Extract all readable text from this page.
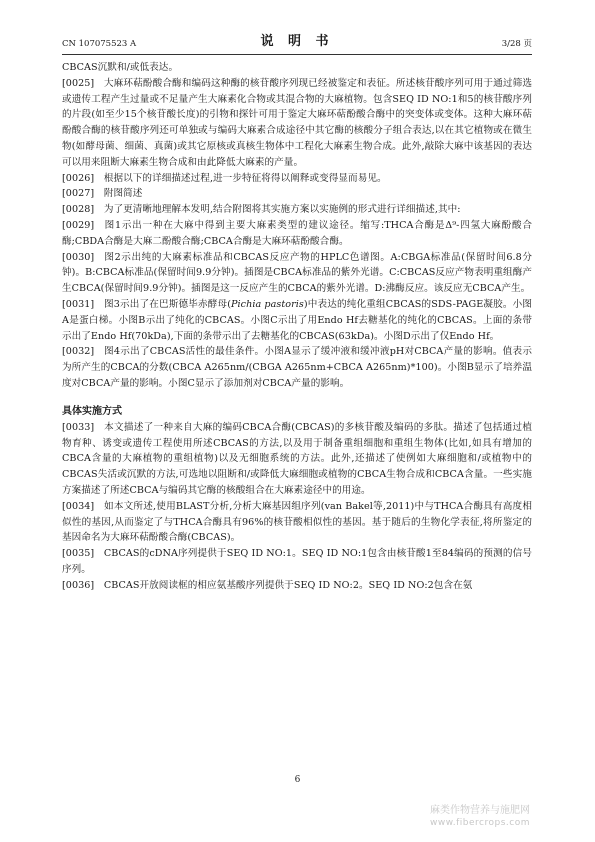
CN 107075523 A	说 明 书	3/28 页

CBCAS沉默和/或低表达。

[0025]  大麻环萜酚酸合酶和编码这种酶的核苷酸序列现已经被鉴定和表征。所述核苷酸序列可用于通过筛选或遗传工程产生过量或不足量产生大麻素化合物或其混合物的大麻植物。包含SEQ ID NO:1和5的核苷酸序列的片段(如至少15个核苷酸长度)的引物和探针可用于鉴定大麻环萜酚酸合酶中的突变体或变体。这种大麻环萜酚酸合酶的核苷酸序列还可单独或与编码大麻素合成途径中其它酶的核酸分子组合表达,以在其它植物或在微生物(如酵母菌、细菌、真菌)或其它原核或真核生物体中工程化大麻素生物合成。此外,敲除大麻中该基因的表达可以用来阻断大麻素生物合成和由此降低大麻素的产量。

[0026]  根据以下的详细描述过程,进一步特征将得以阐释或变得显而易见。

[0027]  附图简述

[0028]  为了更清晰地理解本发明,结合附图将其实施方案以实施例的形式进行详细描述,其中:

[0029]  图1示出一种在大麻中得到主要大麻素类型的建议途径。缩写:THCA合酶是Δ⁹-四氢大麻酚酸合酶;CBDA合酶是大麻二酚酸合酶;CBCA合酶是大麻环萜酚酸合酶。

[0030]  图2示出纯的大麻素标准品和CBCAS反应产物的HPLC色谱图。A:CBGA标准品(保留时间6.8分钟)。B:CBCA标准品(保留时间9.9分钟)。插图是CBCA标准品的紫外光谱。C:CBCAS反应产物表明重组酶产生CBCA(保留时间9.9分钟)。插图是这一反应产生的CBCA的紫外光谱。D:沸酶反应。该反应无CBCA产生。

[0031]  图3示出了在巴斯德毕赤酵母(Pichia pastoris)中表达的纯化重组CBCAS的SDS-PAGE凝胶。小图A是蛋白梯。小图B示出了纯化的CBCAS。小图C示出了用Endo Hf去糖基化的纯化的CBCAS。上面的条带示出了Endo Hf(70kDa),下面的条带示出了去糖基化的CBCAS(63kDa)。小图D示出了仅Endo Hf。

[0032]  图4示出了CBCAS活性的最佳条件。小图A显示了缓冲液和缓冲液pH对CBCA产量的影响。值表示为所产生的CBCA的分数(CBCA A265nm/(CBGA A265nm+CBCA A265nm)*100)。小图B显示了培养温度对CBCA产量的影响。小图C显示了添加剂对CBCA产量的影响。

具体实施方式

[0033]  本文描述了一种来自大麻的编码CBCA合酶(CBCAS)的多核苷酸及编码的多肽。描述了包括通过植物育种、诱变或遗传工程使用所述CBCAS的方法,以及用于制备重组细胞和重组生物体(比如,如具有增加的CBCA含量的大麻植物的重组植物)以及无细胞系统的方法。此外,还描述了使例如大麻细胞和/或植物中的CBCAS失活或沉默的方法,可选地以阻断和/或降低大麻细胞或植物的CBCA生物合成和CBCA含量。一些实施方案描述了所述CBCA与编码其它酶的核酸组合在大麻素途径中的用途。

[0034]  如本文所述,使用BLAST分析,分析大麻基因组序列(van Bakel等,2011)中与THCA合酶具有高度相似性的基因,从而鉴定了与THCA合酶具有96%的核苷酸相似性的基因。基于随后的生物化学表征,将所鉴定的基因命名为大麻环萜酚酸合酶(CBCAS)。

[0035]  CBCAS的cDNA序列提供于SEQ ID NO:1。SEQ ID NO:1包含由核苷酸1至84编码的预测的信号序列。

[0036]  CBCAS开放阅读框的相应氨基酸序列提供于SEQ ID NO:2。SEQ ID NO:2包含在氨

6
麻类作物营养与施肥网
www.fibercrops.com
